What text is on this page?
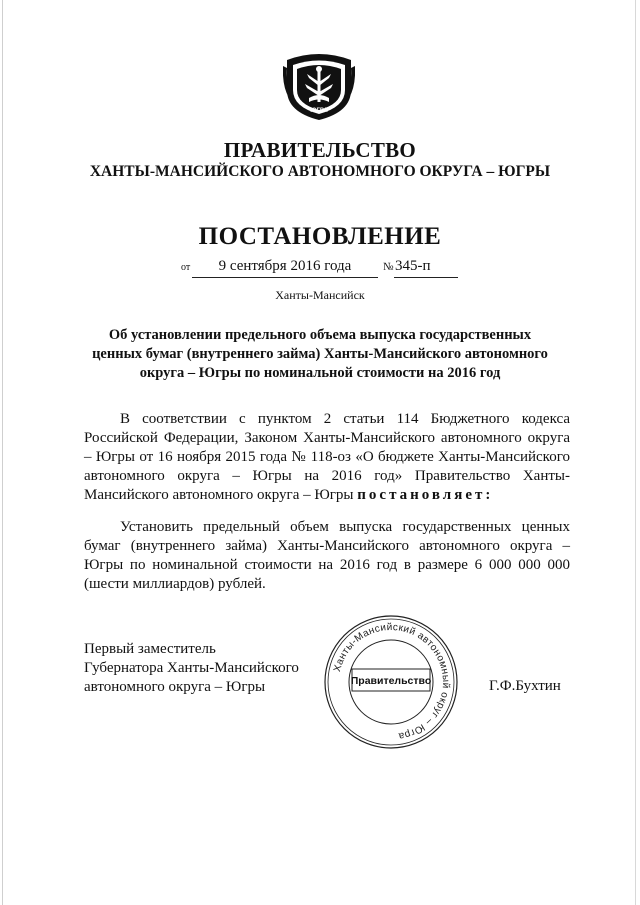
ЮГРА
ПРАВИТЕЛЬСТВО
ХАНТЫ-МАНСИЙСКОГО АВТОНОМНОГО ОКРУГА – ЮГРЫ
ПОСТАНОВЛЕНИЕ
от	9 сентября 2016 года	№ 345-п
Ханты-Мансийск
Об установлении предельного объема выпуска государственных ценных бумаг (внутреннего займа) Ханты-Мансийского автономного округа – Югры по номинальной стоимости на 2016 год
В соответствии с пунктом 2 статьи 114 Бюджетного кодекса Российской Федерации, Законом Ханты-Мансийского автономного округа – Югры от 16 ноября 2015 года № 118-оз «О бюджете Ханты-Мансийского автономного округа – Югры на 2016 год» Правительство Ханты-Мансийского автономного округа – Югры постановляет:
Установить предельный объем выпуска государственных ценных бумаг (внутреннего займа) Ханты-Мансийского автономного округа – Югры по номинальной стоимости на 2016 год в размере 6 000 000 000 (шести миллиардов) рублей.
Первый заместитель
Губернатора Ханты-Мансийского
автономного округа – Югры
Ханты-Мансийский автономный округ – Югра
Правительство	Г.Ф.Бухтин
